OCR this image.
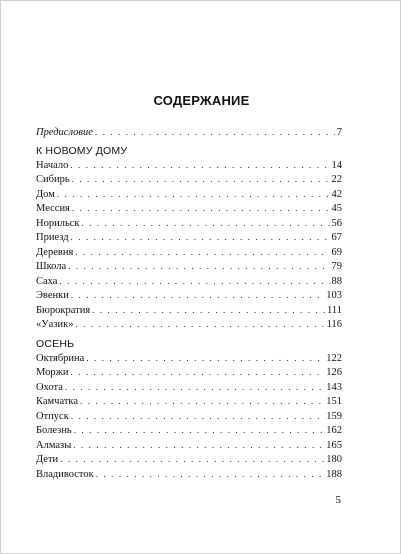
СОДЕРЖАНИЕ
Предисловие . . .	7
К НОВОМУ ДОМУ
Начало . . .	14
Сибирь . . .	22
Дом . . .	42
Мессия . . .	45
Норильск . . .	56
Приезд . . .	67
Деревня . . .	69
Школа . . .	79
Саха . . .	88
Эвенки . . .	103
Бюрократия . . .	111
«Уазик» . . .	116
ОСЕНЬ
Октябрина . . .	122
Моржи . . .	126
Охота . . .	143
Камчатка . . .	151
Отпуск . . .	159
Болезнь . . .	162
Алмазы . . .	165
Дети . . .	180
Владивосток . . .	188
5
